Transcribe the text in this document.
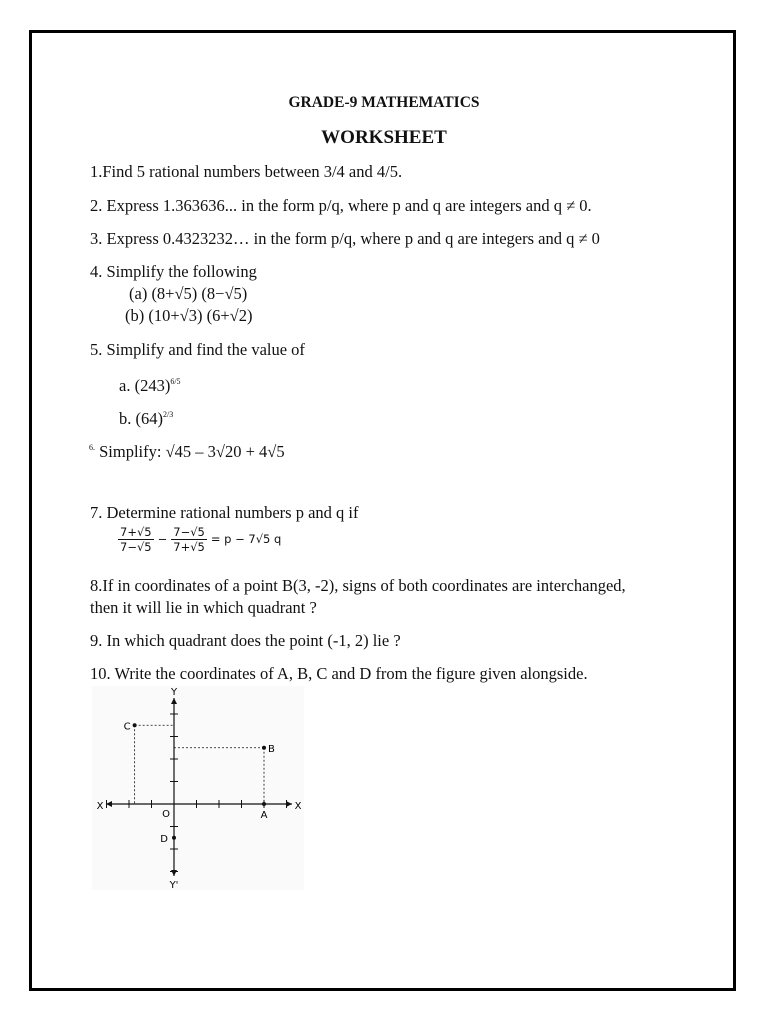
GRADE-9 MATHEMATICS
WORKSHEET
1.Find 5 rational numbers between 3/4 and 4/5.
2. Express 1.363636... in the form p/q, where p and q are integers and q ≠ 0.
3. Express 0.4323232… in the form p/q, where p and q are integers and q ≠ 0
4. Simplify the following
(a) (8+√5) (8−√5)
(b) (10+√3) (6+√2)
5. Simplify and find the value of
a. $(243)^{6/5}$
b. $(64)^{2/3}$
$^{6.}$ Simplify: √45 – 3√20 + 4√5
7. Determine rational numbers p and q if
$\frac{7+√5}{7-√5} - \frac{7-√5}{7+√5} = p - 7√5$ q
8.If in coordinates of a point B(3, -2), signs of both coordinates are interchanged,
then it will lie in which quadrant ?
9. In which quadrant does the point (-1, 2) lie ?
10. Write the coordinates of A, B, C and D from the figure given alongside.
A
B
C
D
Y
Y'
X	X
O
